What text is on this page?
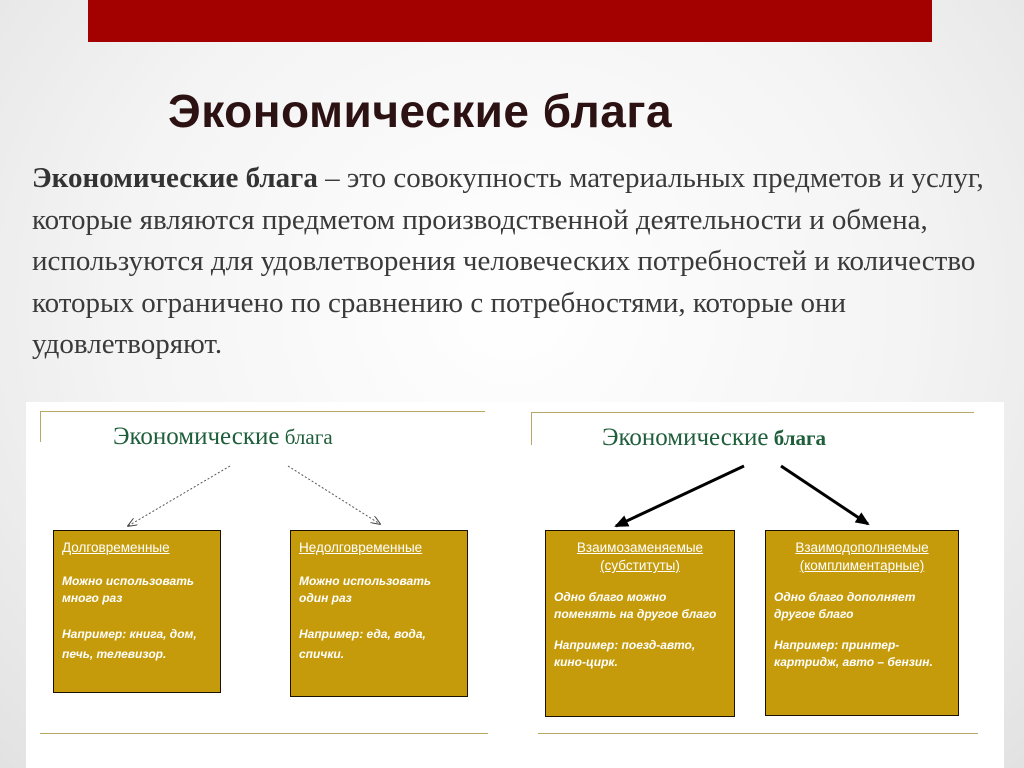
Экономические блага

Экономические блага – это совокупность материальных предметов и услуг, которые являются предметом производственной деятельности и обмена, используются для удовлетворения человеческих потребностей и количество которых ограничено по сравнению с потребностями, которые они удовлетворяют.

Экономические блага
Долговременные
Можно использовать много раз
Например: книга, дом, печь, телевизор.
Недолговременные
Можно использовать один раз
Например: еда, вода, спички.
Экономические блага
Взаимозаменяемые
(субституты)
Одно благо можно поменять на другое благо
Например: поезд-авто, кино-цирк.
Взаимодополняемые
(комплиментарные)
Одно благо дополняет другое благо
Например: принтер-картридж, авто – бензин.
